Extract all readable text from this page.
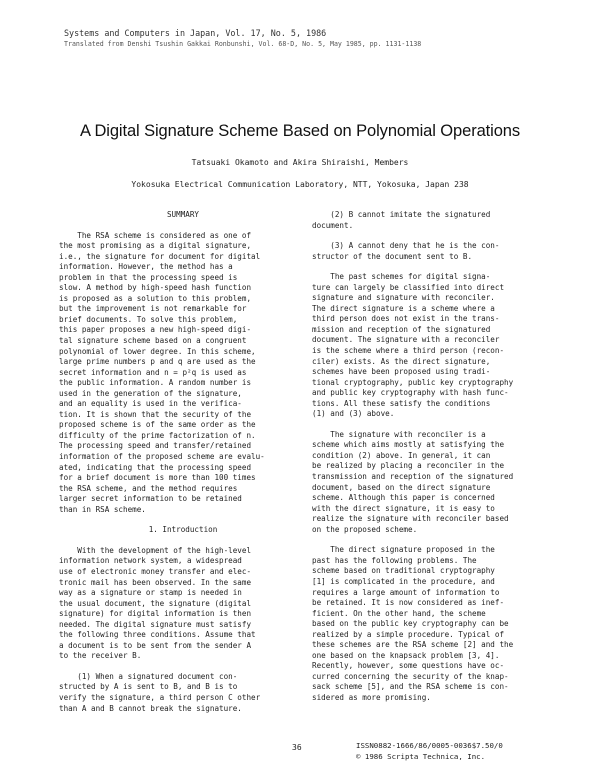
Systems and Computers in Japan, Vol. 17, No. 5, 1986
Translated from Denshi Tsushin Gakkai Ronbunshi, Vol. 68-D, No. 5, May 1985, pp. 1131-1138
A Digital Signature Scheme Based on Polynomial Operations
Tatsuaki Okamoto and Akira Shiraishi, Members
Yokosuka Electrical Communication Laboratory, NTT, Yokosuka, Japan 238
SUMMARY
The RSA scheme is considered as one of
the most promising as a digital signature,
i.e., the signature for document for digital
information. However, the method has a
problem in that the processing speed is
slow. A method by high-speed hash function
is proposed as a solution to this problem,
but the improvement is not remarkable for
brief documents. To solve this problem,
this paper proposes a new high-speed digi-
tal signature scheme based on a congruent
polynomial of lower degree. In this scheme,
large prime numbers p and q are used as the
secret information and n = p²q is used as
the public information. A random number is
used in the generation of the signature,
and an equality is used in the verifica-
tion. It is shown that the security of the
proposed scheme is of the same order as the
difficulty of the prime factorization of n.
The processing speed and transfer/retained
information of the proposed scheme are evalu-
ated, indicating that the processing speed
for a brief document is more than 100 times
the RSA scheme, and the method requires
larger secret information to be retained
than in RSA scheme.
1. Introduction
With the development of the high-level
information network system, a widespread
use of electronic money transfer and elec-
tronic mail has been observed. In the same
way as a signature or stamp is needed in
the usual document, the signature (digital
signature) for digital information is then
needed. The digital signature must satisfy
the following three conditions. Assume that
a document is to be sent from the sender A
to the receiver B.
(1) When a signatured document con-
structed by A is sent to B, and B is to
verify the signature, a third person C other
than A and B cannot break the signature.
(2) B cannot imitate the signatured
document.
(3) A cannot deny that he is the con-
structor of the document sent to B.
The past schemes for digital signa-
ture can largely be classified into direct
signature and signature with reconciler.
The direct signature is a scheme where a
third person does not exist in the trans-
mission and reception of the signatured
document. The signature with a reconciler
is the scheme where a third person (recon-
ciler) exists. As the direct signature,
schemes have been proposed using tradi-
tional cryptography, public key cryptography
and public key cryptography with hash func-
tions. All these satisfy the conditions
(1) and (3) above.
The signature with reconciler is a
scheme which aims mostly at satisfying the
condition (2) above. In general, it can
be realized by placing a reconciler in the
transmission and reception of the signatured
document, based on the direct signature
scheme. Although this paper is concerned
with the direct signature, it is easy to
realize the signature with reconciler based
on the proposed scheme.
The direct signature proposed in the
past has the following problems. The
scheme based on traditional cryptography
[1] is complicated in the procedure, and
requires a large amount of information to
be retained. It is now considered as inef-
ficient. On the other hand, the scheme
based on the public key cryptography can be
realized by a simple procedure. Typical of
these schemes are the RSA scheme [2] and the
one based on the knapsack problem [3, 4].
Recently, however, some questions have oc-
curred concerning the security of the knap-
sack scheme [5], and the RSA scheme is con-
sidered as more promising.
36	ISSN0882-1666/86/0005-0036$7.50/0
© 1986 Scripta Technica, Inc.
